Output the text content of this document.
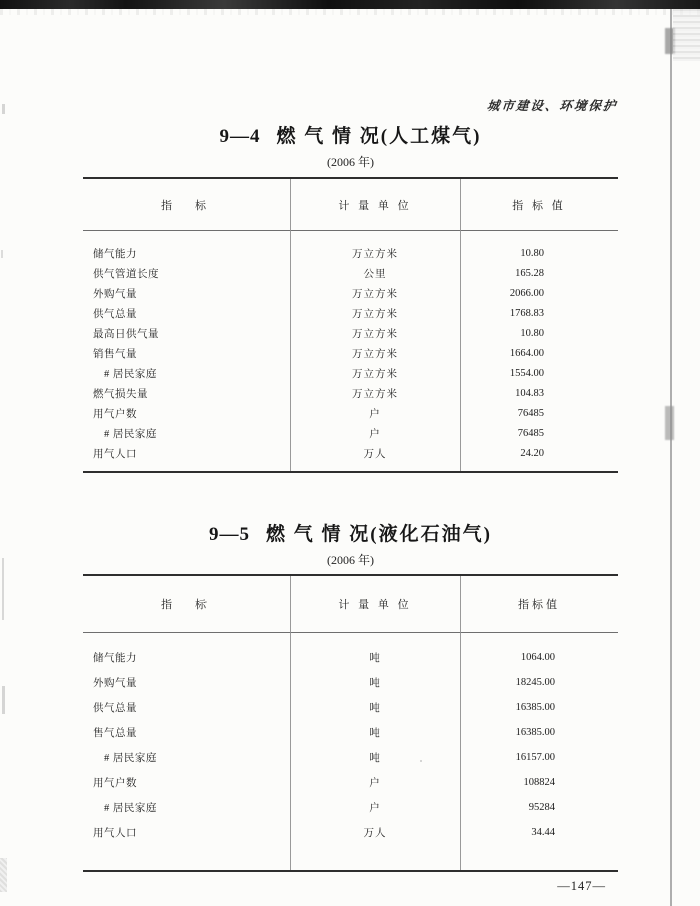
城市建设、环境保护
9—4 燃 气 情 况(人工煤气)
(2006 年)
指　标	计 量 单 位	指 标 值
储气能力	万立方米	10.80
供气管道长度	公里	165.28
外购气量	万立方米	2066.00
供气总量	万立方米	1768.83
最高日供气量	万立方米	10.80
销售气量	万立方米	1664.00
# 居民家庭	万立方米	1554.00
燃气损失量	万立方米	104.83
用气户数	户	76485
# 居民家庭	户	76485
用气人口	万人	24.20
9—5 燃 气 情 况(液化石油气)
(2006 年)
指　标	计 量 单 位	指标值
储气能力	吨	1064.00
外购气量	吨	18245.00
供气总量	吨	16385.00
售气总量	吨	16385.00
# 居民家庭	吨	16157.00
用气户数	户	108824
# 居民家庭	户	95284
用气人口	万人	34.44
—147—
